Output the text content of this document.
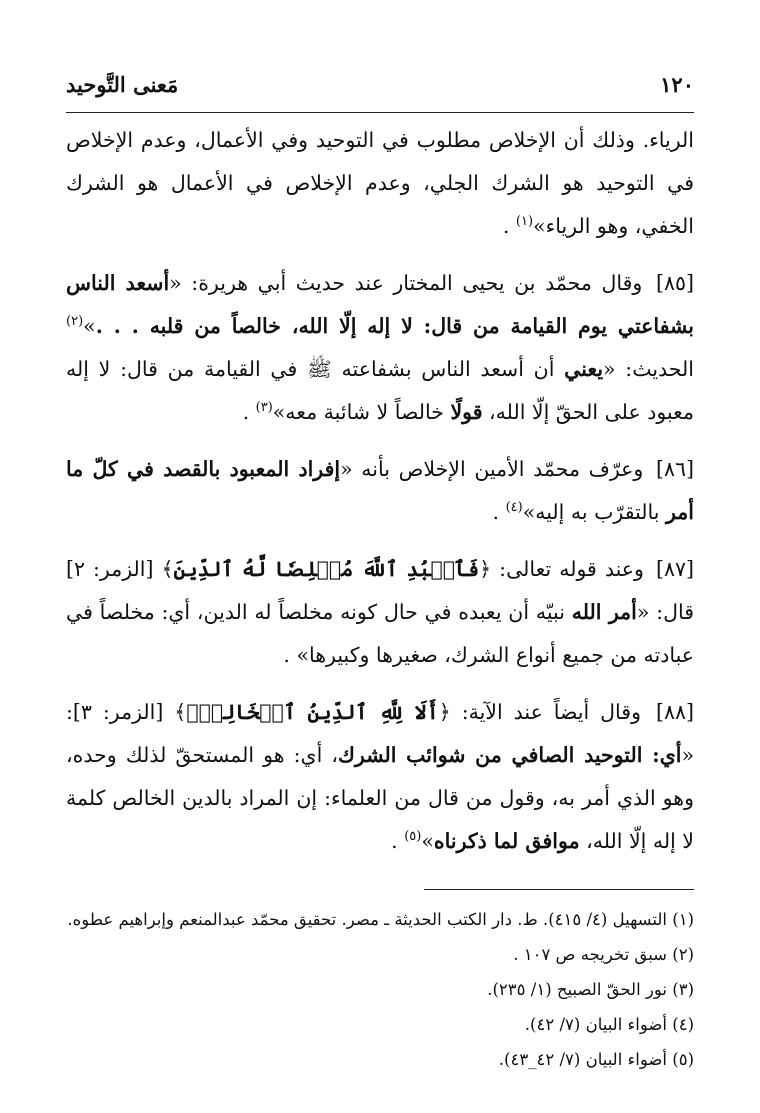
١٢٠
مَعنى التَّوحيد

الرياء. وذلك أن الإخلاص مطلوب في التوحيد وفي الأعمال، وعدم الإخلاص في التوحيد هو الشرك الجلي، وعدم الإخلاص في الأعمال هو الشرك الخفي، وهو الرياء»$^{(١)}$ .

[٨٥] وقال محمّد بن يحيى المختار عند حديث أبي هريرة: «أسعد الناس بشفاعتي يوم القيامة من قال: لا إله إلّا الله، خالصاً من قلبه . . .»$^{(٢)}$ الحديث: «يعني أن أسعد الناس بشفاعته ﷺ في القيامة من قال: لا إله معبود على الحقّ إلّا الله، قولًا خالصاً لا شائبة معه»$^{(٣)}$ .

[٨٦] وعرّف محمّد الأمين الإخلاص بأنه «إفراد المعبود بالقصد في كلّ ما أمر بالتقرّب به إليه»$^{(٤)}$ .

[٨٧] وعند قوله تعالى: ﴿فَٱعۡبُدِ ٱللَّهَ مُخۡلِصٗا لَّهُ ٱلدِّينَ﴾ [الزمر: ٢] قال: «أمر الله نبيّه أن يعبده في حال كونه مخلصاً له الدين، أي: مخلصاً في عبادته من جميع أنواع الشرك، صغيرها وكبيرها» .

[٨٨] وقال أيضاً عند الآية: ﴿أَلَا لِلَّهِ ٱلدِّينُ ٱلۡخَالِصُۚ﴾ [الزمر: ٣]: «أي: التوحيد الصافي من شوائب الشرك، أي: هو المستحقّ لذلك وحده، وهو الذي أمر به، وقول من قال من العلماء: إن المراد بالدين الخالص كلمة لا إله إلّا الله، موافق لما ذكرناه»$^{(٥)}$ .

(١) التسهيل (٤/ ٤١٥). ط. دار الكتب الحديثة ـ مصر. تحقيق محمّد عبدالمنعم وإبراهيم عطوه.
(٢) سبق تخريجه ص ١٠٧ .
(٣) نور الحقّ الصبيح (١/ ٢٣٥).
(٤) أضواء البيان (٧/ ٤٢).
(٥) أضواء البيان (٧/ ٤٢_٤٣).
